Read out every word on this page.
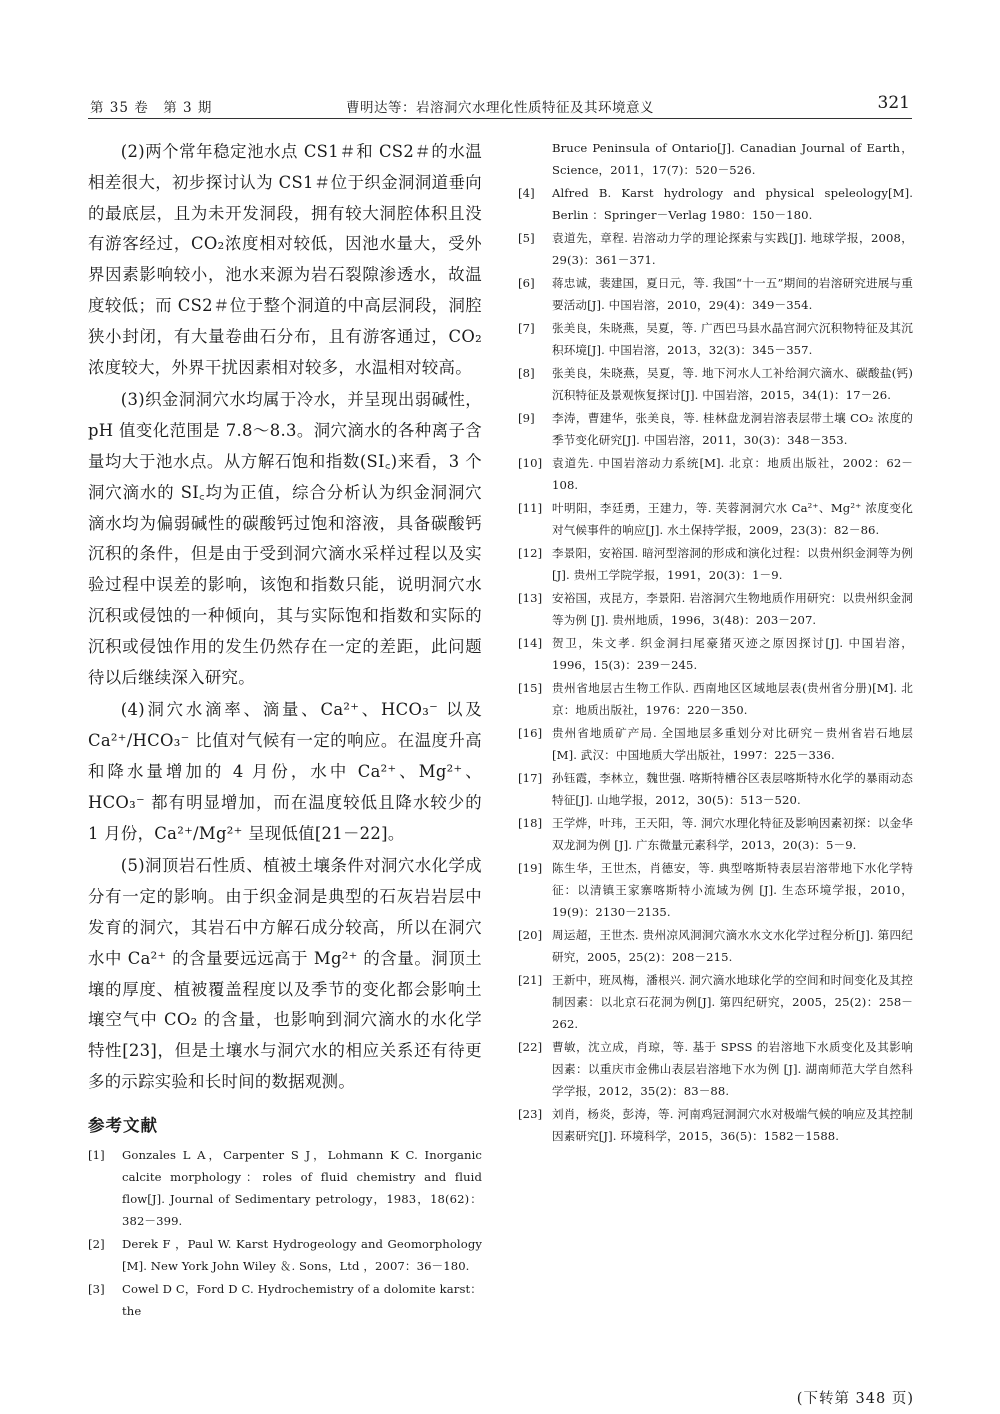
第 35 卷　第 3 期	曹明达等：岩溶洞穴水理化性质特征及其环境意义	321

(2)两个常年稳定池水点 CS1＃和 CS2＃的水温相差很大，初步探讨认为 CS1＃位于织金洞洞道垂向的最底层，且为未开发洞段，拥有较大洞腔体积且没有游客经过，CO₂浓度相对较低，因池水量大，受外界因素影响较小，池水来源为岩石裂隙渗透水，故温度较低；而 CS2＃位于整个洞道的中高层洞段，洞腔狭小封闭，有大量卷曲石分布，且有游客通过，CO₂浓度较大，外界干扰因素相对较多，水温相对较高。

(3)织金洞洞穴水均属于冷水，并呈现出弱碱性，pH 值变化范围是 7.8～8.3。洞穴滴水的各种离子含量均大于池水点。从方解石饱和指数(SI꜀)来看，3 个洞穴滴水的 SI꜀均为正值，综合分析认为织金洞洞穴滴水均为偏弱碱性的碳酸钙过饱和溶液，具备碳酸钙沉积的条件，但是由于受到洞穴滴水采样过程以及实验过程中误差的影响，该饱和指数只能，说明洞穴水沉积或侵蚀的一种倾向，其与实际饱和指数和实际的沉积或侵蚀作用的发生仍然存在一定的差距，此问题待以后继续深入研究。

(4)洞穴水滴率、滴量、Ca²⁺、HCO₃⁻ 以及 Ca²⁺/HCO₃⁻ 比值对气候有一定的响应。在温度升高和降水量增加的 4 月份，水中 Ca²⁺、Mg²⁺、HCO₃⁻ 都有明显增加，而在温度较低且降水较少的 1 月份，Ca²⁺/Mg²⁺ 呈现低值[21－22]。

(5)洞顶岩石性质、植被土壤条件对洞穴水化学成分有一定的影响。由于织金洞是典型的石灰岩岩层中发育的洞穴，其岩石中方解石成分较高，所以在洞穴水中 Ca²⁺ 的含量要远远高于 Mg²⁺ 的含量。洞顶土壤的厚度、植被覆盖程度以及季节的变化都会影响土壤空气中 CO₂ 的含量，也影响到洞穴滴水的水化学特性[23]，但是土壤水与洞穴水的相应关系还有待更多的示踪实验和长时间的数据观测。

参考文献
[1] Gonzales L A，Carpenter S J，Lohmann K C. Inorganic calcite morphology：roles of fluid chemistry and fluid flow[J]. Journal of Sedimentary petrology，1983，18(62)：382－399.
[2] Derek F ，Paul W. Karst Hydrogeology and Geomorphology [M]. New York John Wiley ＆. Sons，Ltd ，2007：36－180.
[3] Cowel D C，Ford D C. Hydrochemistry of a dolomite karst：the
Bruce Peninsula of Ontario[J]. Canadian Journal of Earth，Science，2011，17(7)：520－526.
[4] Alfred B. Karst hydrology and physical speleology[M]. Berlin ：Springer－Verlag 1980：150－180.
[5] 袁道先，章程. 岩溶动力学的理论探索与实践[J]. 地球学报，2008，29(3)：361－371.
[6] 蒋忠诚，裴建国，夏日元，等. 我国“十一五”期间的岩溶研究进展与重要活动[J]. 中国岩溶，2010，29(4)：349－354.
[7] 张美良，朱晓燕，吴夏，等. 广西巴马县水晶宫洞穴沉积物特征及其沉积环境[J]. 中国岩溶，2013，32(3)：345－357.
[8] 张美良，朱晓燕，吴夏，等. 地下河水人工补给洞穴滴水、碳酸盐(钙)沉积特征及景观恢复探讨[J]. 中国岩溶，2015，34(1)：17－26.
[9] 李涛，曹建华，张美良，等. 桂林盘龙洞岩溶表层带土壤 CO₂ 浓度的季节变化研究[J]. 中国岩溶，2011，30(3)：348－353.
[10] 袁道先. 中国岩溶动力系统[M]. 北京：地质出版社，2002：62－108.
[11] 叶明阳，李廷勇，王建力，等. 芙蓉洞洞穴水 Ca²⁺、Mg²⁺ 浓度变化对气候事件的响应[J]. 水土保持学报，2009，23(3)：82－86.
[12] 李景阳，安裕国. 暗河型溶洞的形成和演化过程：以贵州织金洞等为例 [J]. 贵州工学院学报，1991，20(3)：1－9.
[13] 安裕国，戎昆方，李景阳. 岩溶洞穴生物地质作用研究：以贵州织金洞等为例 [J]. 贵州地质，1996，3(48)：203－207.
[14] 贺卫，朱文孝. 织金洞扫尾豪猪灭迹之原因探讨[J]. 中国岩溶，1996，15(3)：239－245.
[15] 贵州省地层古生物工作队. 西南地区区域地层表(贵州省分册)[M]. 北京：地质出版社，1976：220－350.
[16] 贵州省地质矿产局. 全国地层多重划分对比研究－贵州省岩石地层 [M]. 武汉：中国地质大学出版社，1997：225－336.
[17] 孙钰霞，李林立，魏世强. 喀斯特槽谷区表层喀斯特水化学的暴雨动态特征[J]. 山地学报，2012，30(5)：513－520.
[18] 王学烨，叶玮，王天阳，等. 洞穴水理化特征及影响因素初探：以金华双龙洞为例 [J]. 广东微量元素科学，2013，20(3)：5－9.
[19] 陈生华，王世杰，肖德安，等. 典型喀斯特表层岩溶带地下水化学特征：以清镇王家寨喀斯特小流域为例 [J]. 生态环境学报，2010，19(9)：2130－2135.
[20] 周运超，王世杰. 贵州凉风洞洞穴滴水水文水化学过程分析[J]. 第四纪研究，2005，25(2)：208－215.
[21] 王新中，班凤梅，潘根兴. 洞穴滴水地球化学的空间和时间变化及其控制因素：以北京石花洞为例[J]. 第四纪研究，2005，25(2)：258－262.
[22] 曹敏，沈立成，肖琼，等. 基于 SPSS 的岩溶地下水质变化及其影响因素：以重庆市金佛山表层岩溶地下水为例 [J]. 湖南师范大学自然科学学报，2012，35(2)：83－88.
[23] 刘肖，杨炎，彭涛，等. 河南鸡冠洞洞穴水对极端气候的响应及其控制因素研究[J]. 环境科学，2015，36(5)：1582－1588.
(下转第 348 页)
